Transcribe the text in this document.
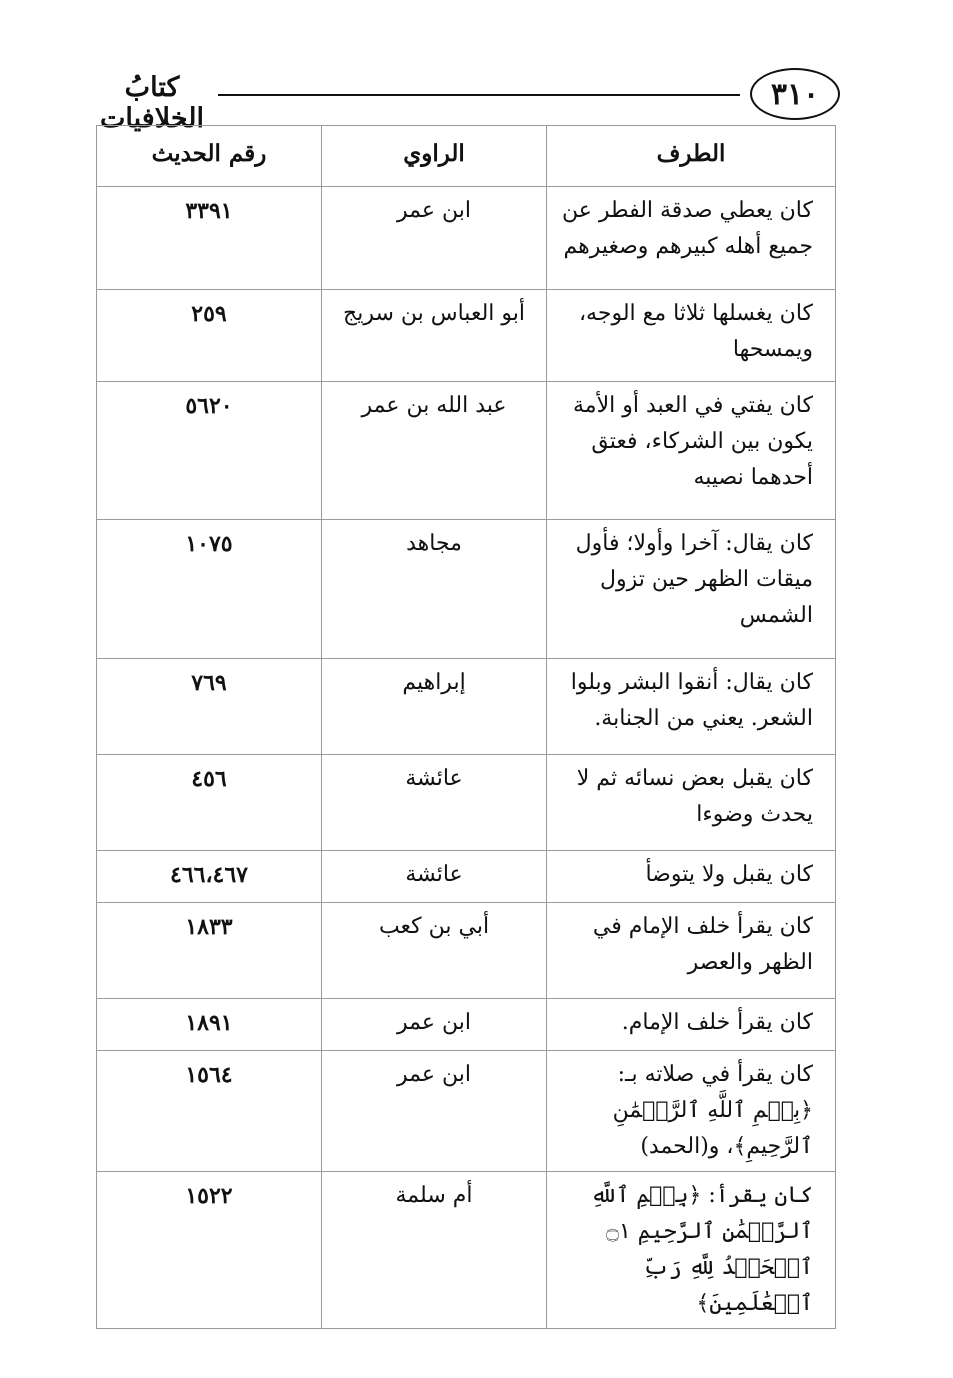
٣١٠
كتابُ الخلافيات
الطرف	الراوي	رقم الحديث
كان يعطي صدقة الفطر عن جميع أهله كبيرهم وصغيرهم	ابن عمر	٣٣٩١
كان يغسلها ثلاثا مع الوجه، ويمسحها	أبو العباس بن سريج	٢٥٩
كان يفتي في العبد أو الأمة يكون بين الشركاء، فعتق أحدهما نصيبه	عبد الله بن عمر	٥٦٢٠
كان يقال: آخرا وأولا؛ فأول ميقات الظهر حين تزول الشمس	مجاهد	١٠٧٥
كان يقال: أنقوا البشر وبلوا الشعر. يعني من الجنابة.	إبراهيم	٧٦٩
كان يقبل بعض نسائه ثم لا يحدث وضوءا	عائشة	٤٥٦
كان يقبل ولا يتوضأ	عائشة	٤٦٦،٤٦٧
كان يقرأ خلف الإمام في الظهر والعصر	أبي بن كعب	١٨٣٣
كان يقرأ خلف الإمام.	ابن عمر	١٨٩١
كان يقرأ في صلاته بـ: ﴿بِسۡمِ ٱللَّهِ ٱلرَّحۡمَٰنِ ٱلرَّحِيمِ﴾، و(الحمد)	ابن عمر	١٥٦٤
كان يقرأ: ﴿بِسۡمِ ٱللَّهِ ٱلرَّحۡمَٰنِ ٱلرَّحِيمِ ۝١ ٱلۡحَمۡدُ لِلَّهِ رَبِّ ٱلۡعَٰلَمِينَ﴾	أم سلمة	١٥٢٢
